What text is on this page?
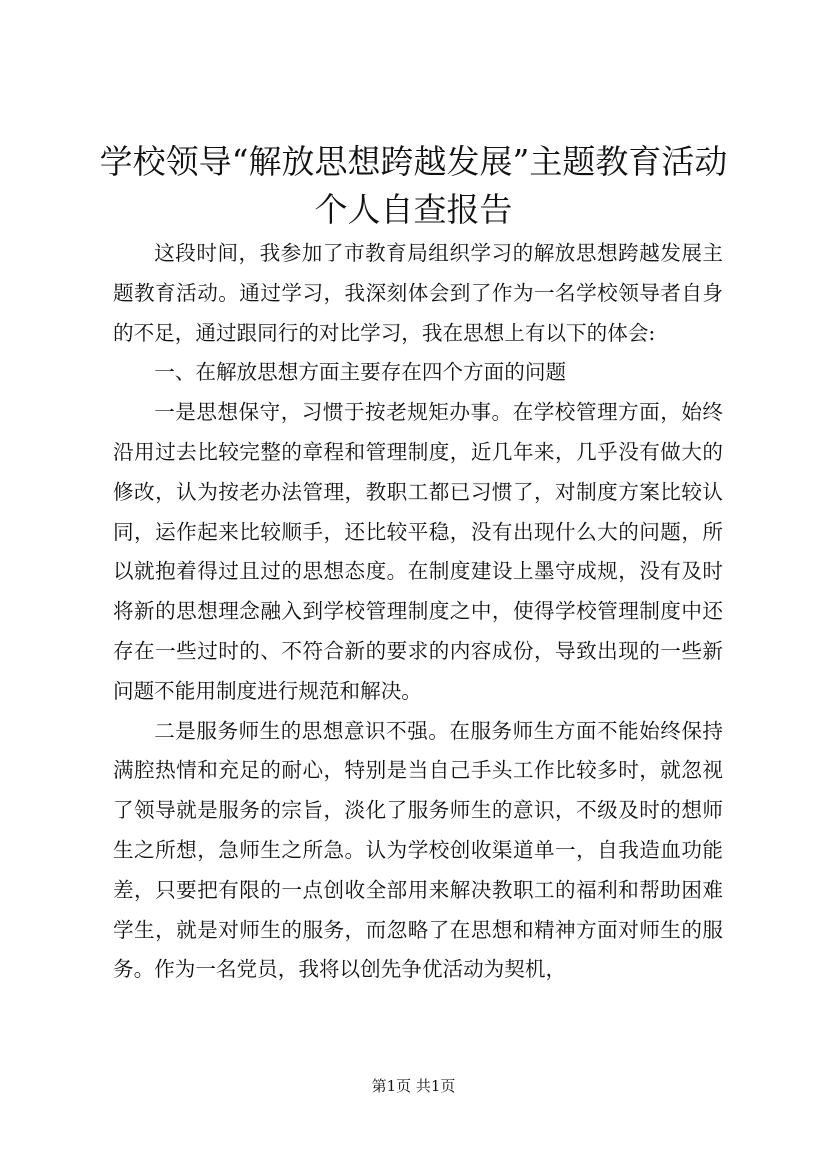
学校领导“解放思想跨越发展”主题教育活动
个人自查报告

这段时间，我参加了市教育局组织学习的解放思想跨越发展主题教育活动。通过学习，我深刻体会到了作为一名学校领导者自身的不足，通过跟同行的对比学习，我在思想上有以下的体会:

一、在解放思想方面主要存在四个方面的问题

一是思想保守，习惯于按老规矩办事。在学校管理方面，始终沿用过去比较完整的章程和管理制度，近几年来，几乎没有做大的修改，认为按老办法管理，教职工都已习惯了，对制度方案比较认同，运作起来比较顺手，还比较平稳，没有出现什么大的问题，所以就抱着得过且过的思想态度。在制度建设上墨守成规，没有及时将新的思想理念融入到学校管理制度之中，使得学校管理制度中还存在一些过时的、不符合新的要求的内容成份，导致出现的一些新问题不能用制度进行规范和解决。

二是服务师生的思想意识不强。在服务师生方面不能始终保持满腔热情和充足的耐心，特别是当自己手头工作比较多时，就忽视了领导就是服务的宗旨，淡化了服务师生的意识，不级及时的想师生之所想，急师生之所急。认为学校创收渠道单一，自我造血功能差，只要把有限的一点创收全部用来解决教职工的福利和帮助困难学生，就是对师生的服务，而忽略了在思想和精神方面对师生的服务。作为一名党员，我将以创先争优活动为契机，

第1页 共1页
